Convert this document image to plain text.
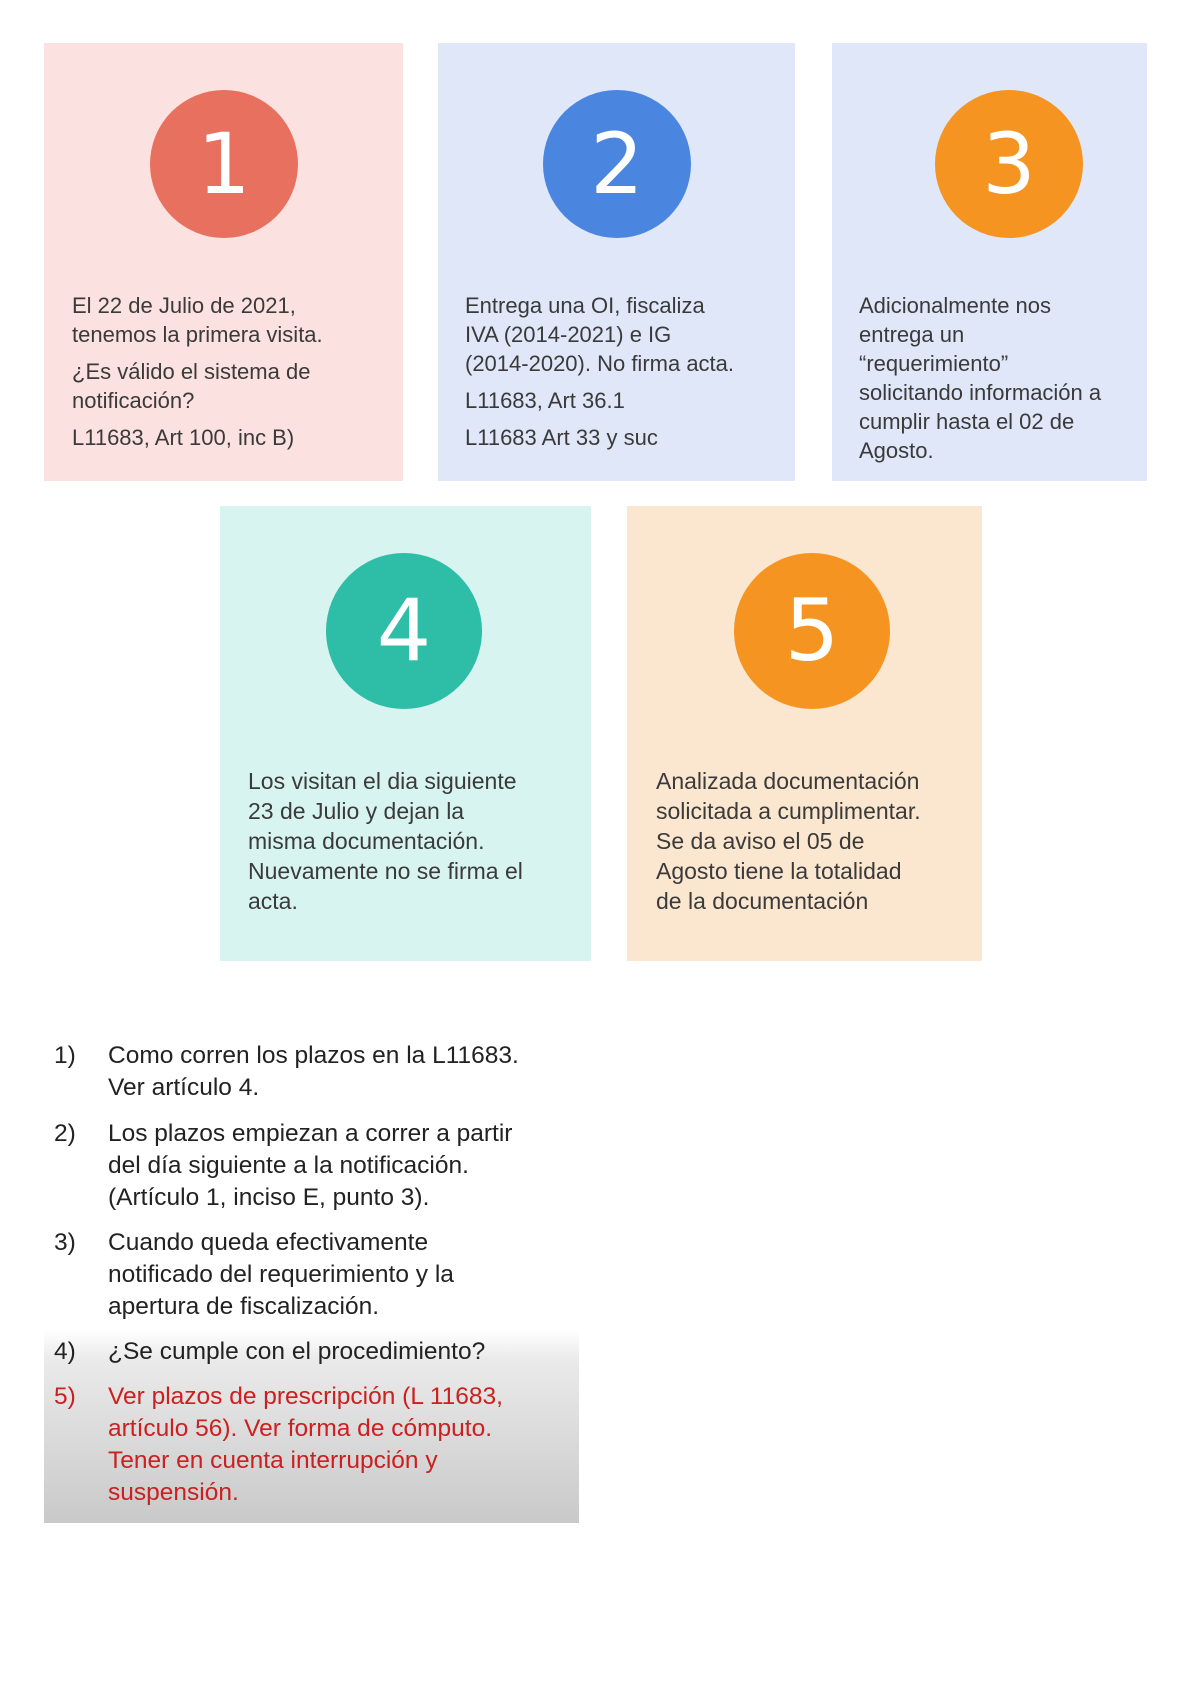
1

El 22 de Julio de 2021,

tenemos la primera visita.

¿Es válido el sistema de

notificación?

L11683, Art 100, inc B)

2

Entrega una OI, fiscaliza

IVA (2014-2021) e IG

(2014-2020). No firma acta.

L11683, Art 36.1

L11683 Art 33 y suc

3

Adicionalmente nos

entrega un

“requerimiento”

solicitando información a

cumplir hasta el 02 de

Agosto.

4

Los visitan el dia siguiente

23 de Julio y dejan la

misma documentación.

Nuevamente no se firma el

acta.

5

Analizada documentación

solicitada a cumplimentar.

Se da aviso el 05 de

Agosto tiene la totalidad

de la documentación

1)	Como corren los plazos en la L11683.
Ver artículo 4.
2)	Los plazos empiezan a correr a partir
del día siguiente a la notificación.
(Artículo 1, inciso E, punto 3).
3)	Cuando queda efectivamente
notificado del requerimiento y la
apertura de fiscalización.
4)	¿Se cumple con el procedimiento?
5)	Ver plazos de prescripción (L 11683,
artículo 56). Ver forma de cómputo.
Tener en cuenta interrupción y
suspensión.
